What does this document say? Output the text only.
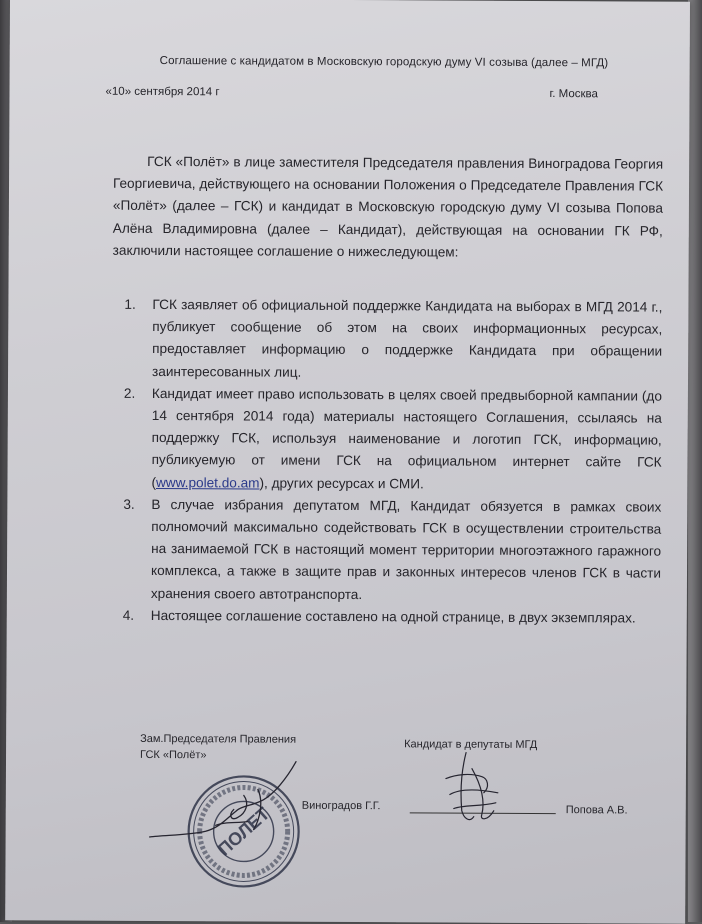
Соглашение с кандидатом в Московскую городскую думу VI созыва (далее – МГД)
«10» сентября 2014 г	г. Москва
ГСК «Полёт» в лице заместителя Председателя правления Виноградова Георгия Георгиевича, действующего на основании Положения о Председателе Правления ГСК «Полёт» (далее – ГСК) и кандидат в Московскую городскую думу VI созыва Попова Алёна Владимировна (далее – Кандидат), действующая на основании ГК РФ, заключили настоящее соглашение о нижеследующем:
1. ГСК заявляет об официальной поддержке Кандидата на выборах в МГД 2014 г., публикует сообщение об этом на своих информационных ресурсах, предоставляет информацию о поддержке Кандидата при обращении заинтересованных лиц.
2. Кандидат имеет право использовать в целях своей предвыборной кампании (до 14 сентября 2014 года) материалы настоящего Соглашения, ссылаясь на поддержку ГСК, используя наименование и логотип ГСК, информацию, публикуемую от имени ГСК на официальном интернет сайте ГСК (www.polet.do.am), других ресурсах и СМИ.
3. В случае избрания депутатом МГД, Кандидат обязуется в рамках своих полномочий максимально содействовать ГСК в осуществлении строительства на занимаемой ГСК в настоящий момент территории многоэтажного гаражного комплекса, а также в защите прав и законных интересов членов ГСК в части хранения своего автотранспорта.
4. Настоящее соглашение составлено на одной странице, в двух экземплярах.
Зам.Председателя Правления
ГСК «Полёт»
Кандидат в депутаты МГД
Виноградов Г.Г.	Попова А.В.
ПОЛЕТ
